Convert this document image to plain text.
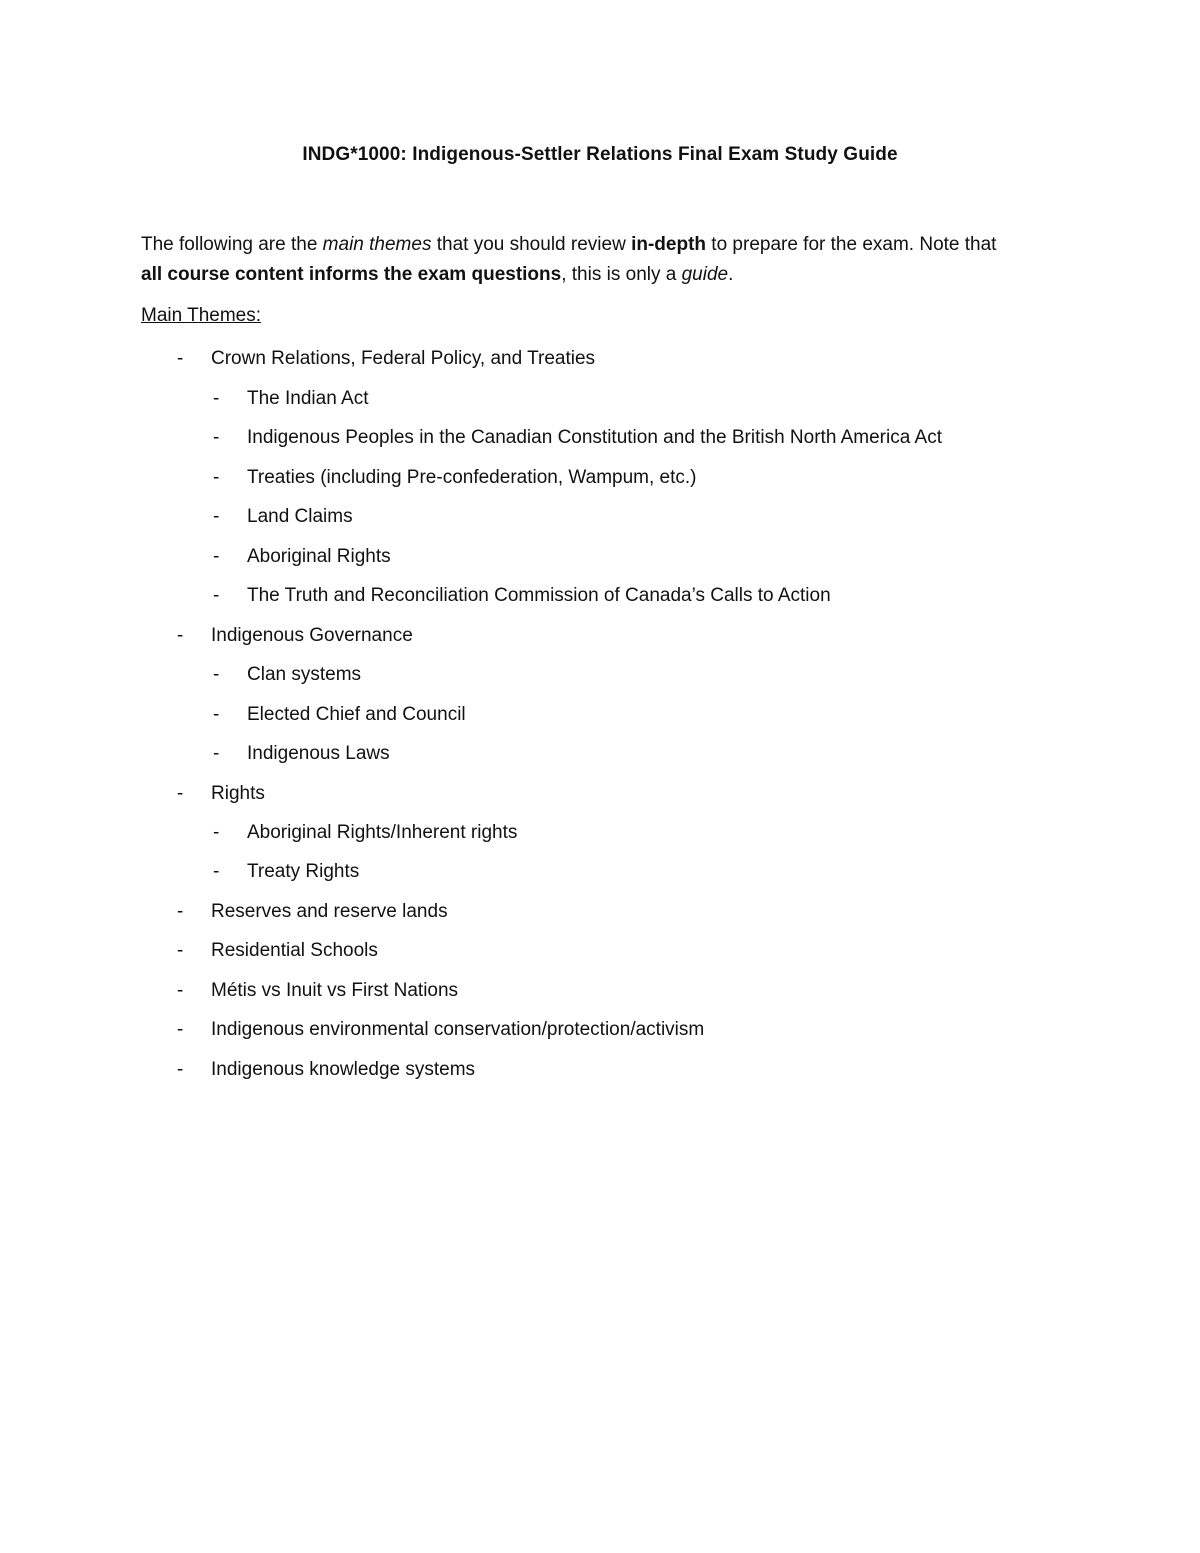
INDG*1000: Indigenous-Settler Relations Final Exam Study Guide
The following are the main themes that you should review in-depth to prepare for the exam. Note that
all course content informs the exam questions, this is only a guide.
Main Themes:
- Crown Relations, Federal Policy, and Treaties
- The Indian Act
- Indigenous Peoples in the Canadian Constitution and the British North America Act
- Treaties (including Pre-confederation, Wampum, etc.)
- Land Claims
- Aboriginal Rights
- The Truth and Reconciliation Commission of Canada’s Calls to Action
- Indigenous Governance
- Clan systems
- Elected Chief and Council
- Indigenous Laws
- Rights
- Aboriginal Rights/Inherent rights
- Treaty Rights
- Reserves and reserve lands
- Residential Schools
- Métis vs Inuit vs First Nations
- Indigenous environmental conservation/protection/activism
- Indigenous knowledge systems
